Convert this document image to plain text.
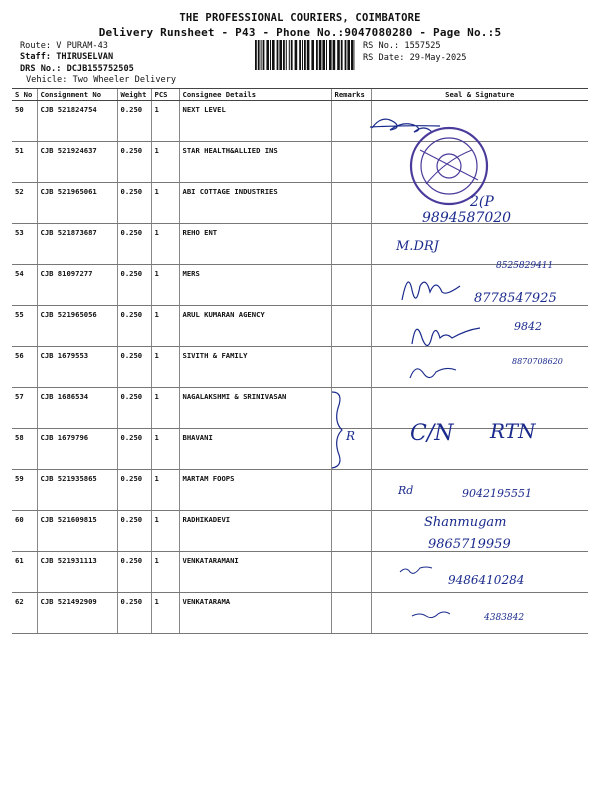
THE PROFESSIONAL COURIERS, COIMBATORE
Delivery Runsheet - P43 - Phone No.:9047080280 - Page No.:5
Route: V PURAM-43
Staff: THIRUSELVAN
DRS No.: DCJB155752505
Vehicle: Two Wheeler Delivery
RS No.: 1557525
RS Date: 29-May-2025
S No	Consignment No	Weight	PCS	Consignee Details	Remarks	Seal & Signature
50	CJB 521824754	0.250	1	NEXT LEVEL		
51	CJB 521924637	0.250	1	STAR HEALTH&ALLIED INS		
52	CJB 521965061	0.250	1	ABI COTTAGE INDUSTRIES		
53	CJB 521873687	0.250	1	REHO ENT		
54	CJB 81097277	0.250	1	MERS		
55	CJB 521965056	0.250	1	ARUL KUMARAN AGENCY		
56	CJB 1679553	0.250	1	SIVITH & FAMILY		
57	CJB 1686534	0.250	1	NAGALAKSHMI & SRINIVASAN		
58	CJB 1679796	0.250	1	BHAVANI		
59	CJB 521935865	0.250	1	MARTAM FOOPS		
60	CJB 521609815	0.250	1	RADHIKADEVI		
61	CJB 521931113	0.250	1	VENKATARAMANI		
62	CJB 521492909	0.250	1	VENKATARAMA		
2(P
9894587020
M.DRJ
8525829411
8778547925
9842
8870708620
R C/N RTN
Rd	9042195551
Shanmugam
9865719959
9486410284
4383842
